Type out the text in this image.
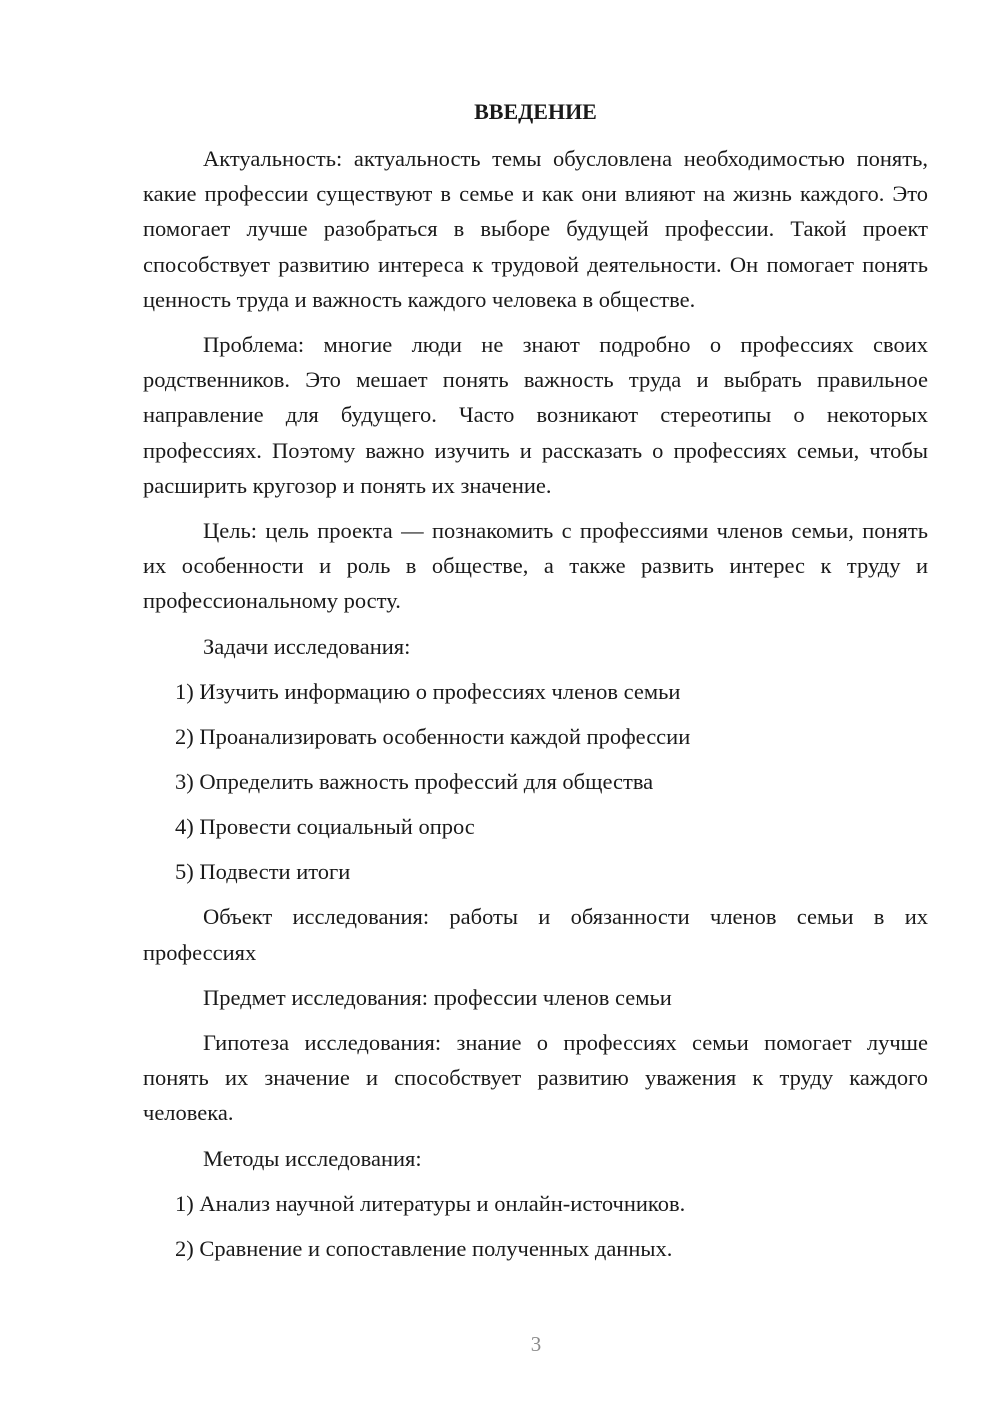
ВВЕДЕНИЕ

Актуальность: актуальность темы обусловлена необходимостью понять, какие профессии существуют в семье и как они влияют на жизнь каждого. Это помогает лучше разобраться в выборе будущей профессии. Такой проект способствует развитию интереса к трудовой деятельности. Он помогает понять ценность труда и важность каждого человека в обществе.

Проблема: многие люди не знают подробно о профессиях своих родственников. Это мешает понять важность труда и выбрать правильное направление для будущего. Часто возникают стереотипы о некоторых профессиях. Поэтому важно изучить и рассказать о профессиях семьи, чтобы расширить кругозор и понять их значение.

Цель: цель проекта — познакомить с профессиями членов семьи, понять их особенности и роль в обществе, а также развить интерес к труду и профессиональному росту.

Задачи исследования:

1) Изучить информацию о профессиях членов семьи
2) Проанализировать особенности каждой профессии
3) Определить важность профессий для общества
4) Провести социальный опрос
5) Подвести итоги

Объект исследования: работы и обязанности членов семьи в их профессиях

Предмет исследования: профессии членов семьи

Гипотеза исследования: знание о профессиях семьи помогает лучше понять их значение и способствует развитию уважения к труду каждого человека.

Методы исследования:

1) Анализ научной литературы и онлайн-источников.
2) Сравнение и сопоставление полученных данных.
3
